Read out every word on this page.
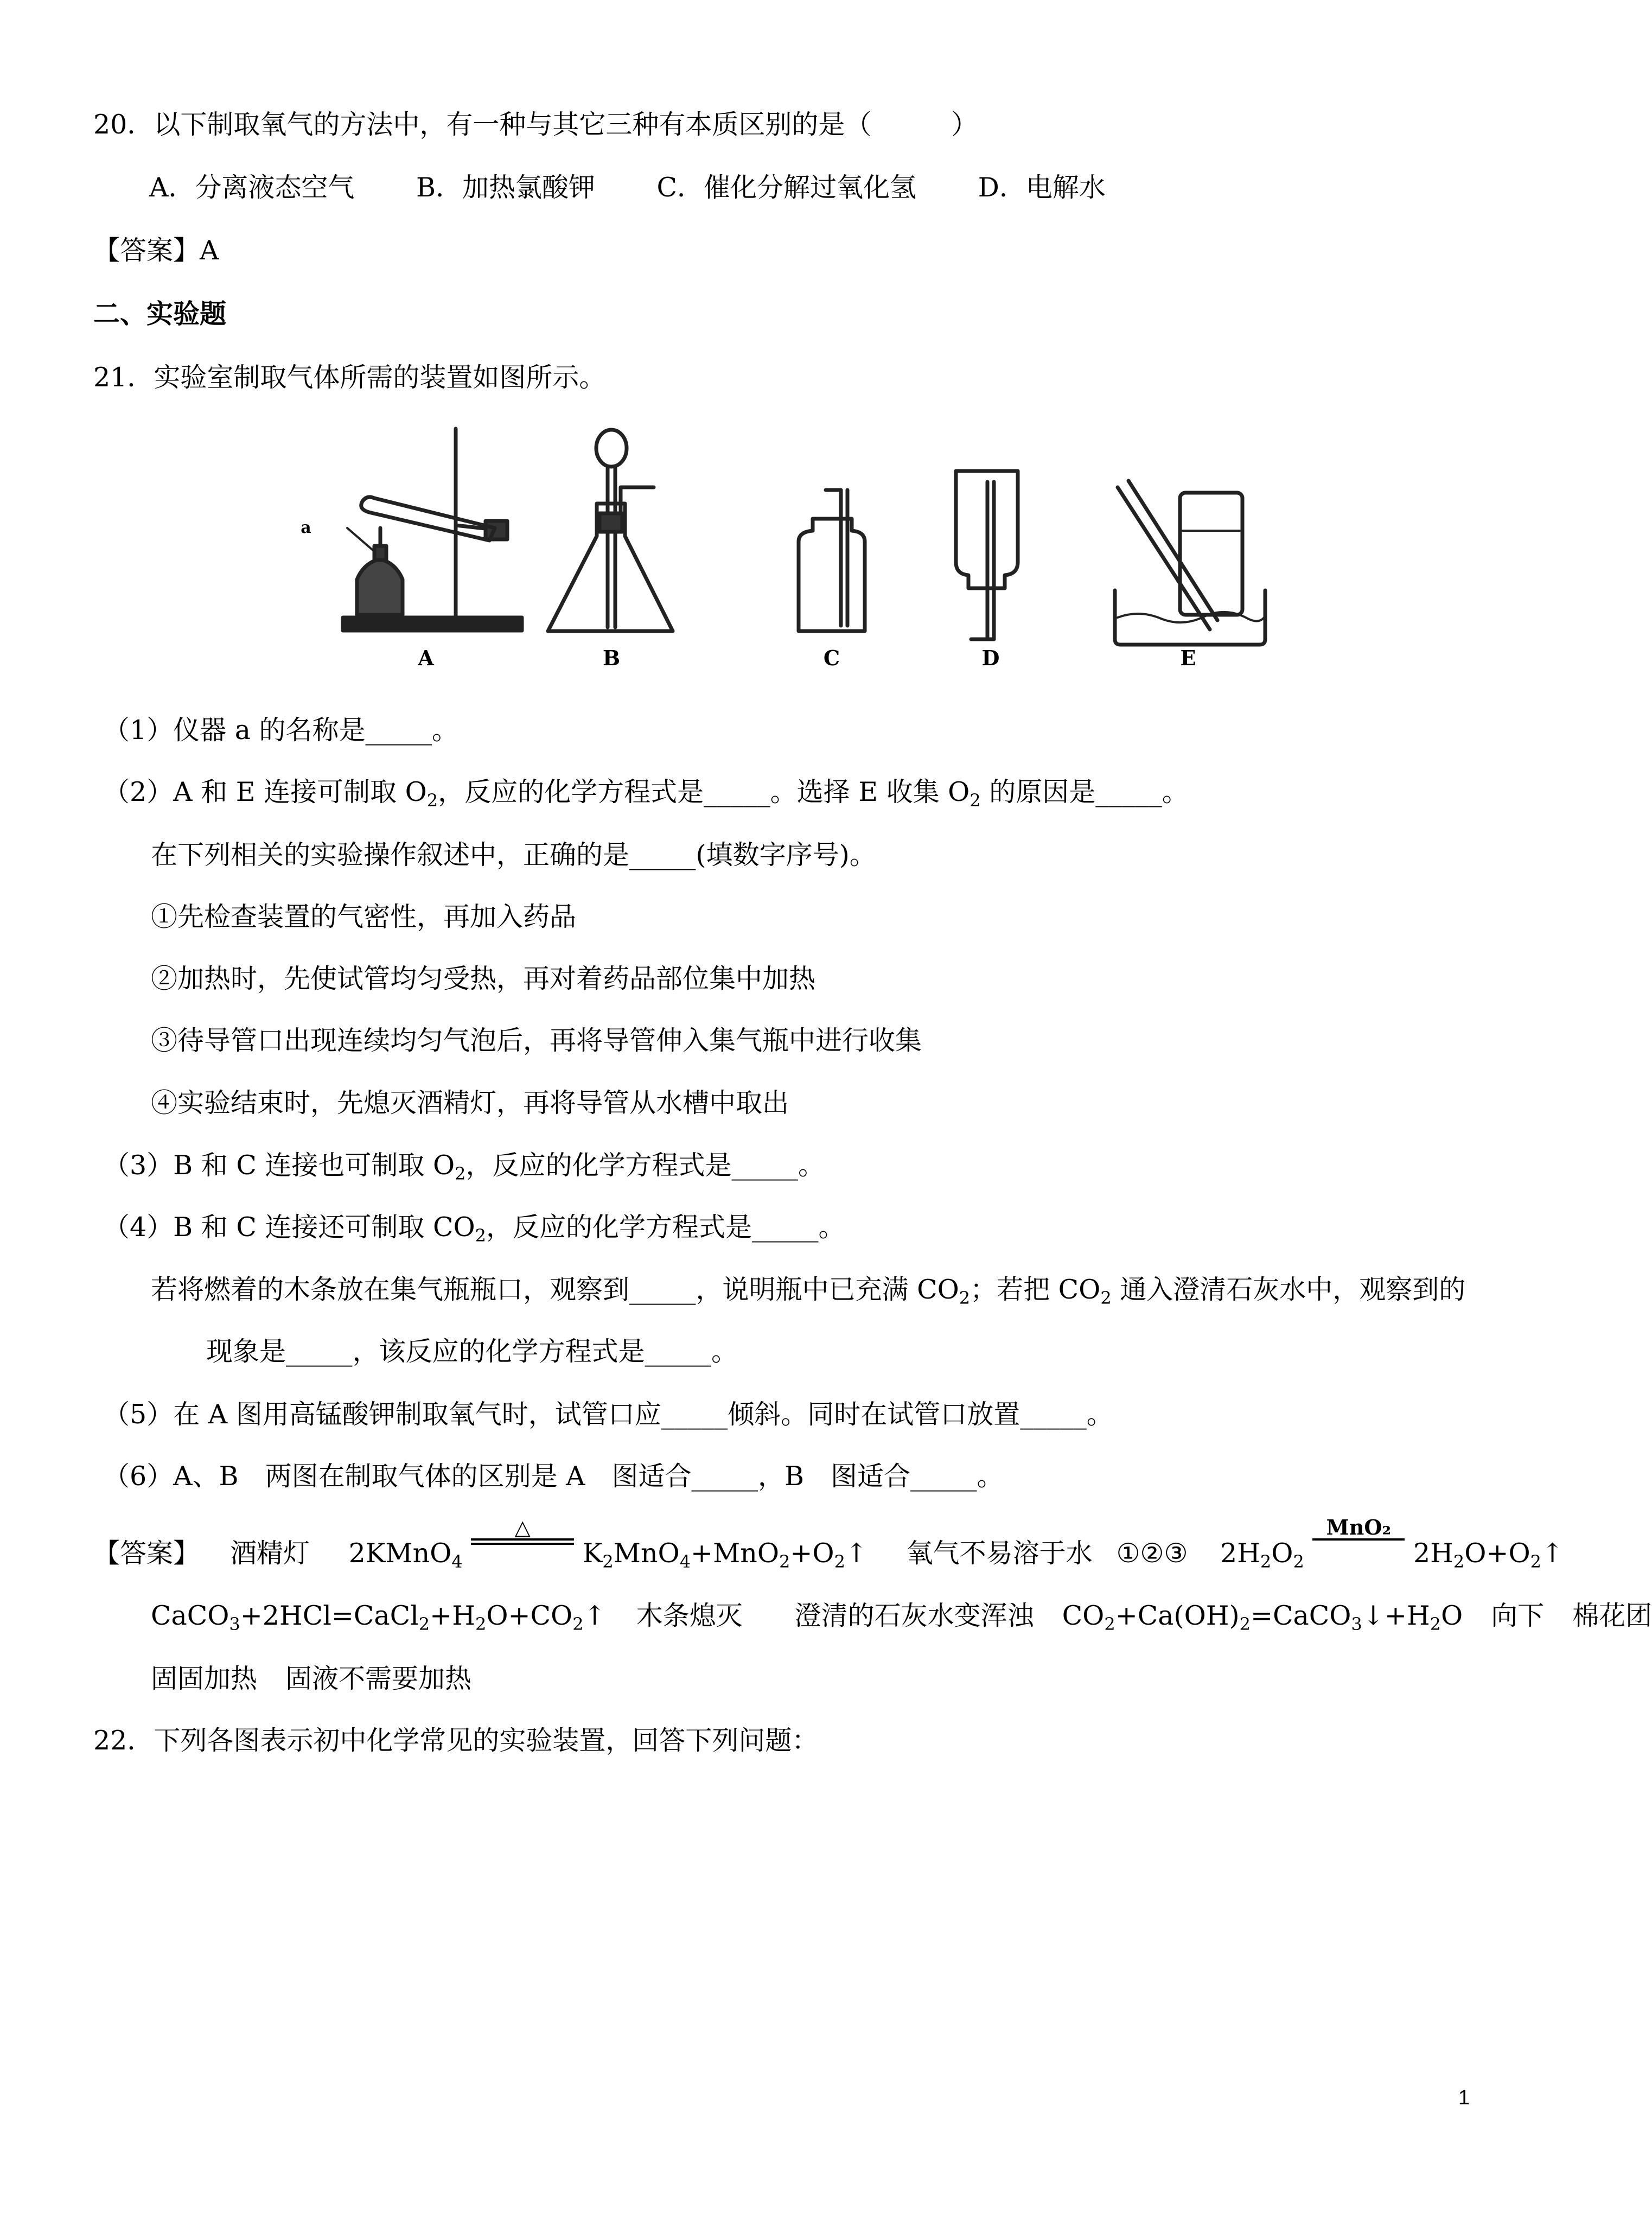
20．以下制取氧气的方法中，有一种与其它三种有本质区别的是（　　　）
A．分离液态空气　　 B．加热氯酸钾　　 C．催化分解过氧化氢　　 D．电解水
【答案】A
二、实验题
21．实验室制取气体所需的装置如图所示。
A	B	C	D	E
a
（1）仪器 a 的名称是_____。
（2）A 和 E 连接可制取 $O_2$，反应的化学方程式是_____。选择 E 收集 $O_2$ 的原因是_____。
在下列相关的实验操作叙述中，正确的是_____(填数字序号)。
①先检查装置的气密性，再加入药品
②加热时，先使试管均匀受热，再对着药品部位集中加热
③待导管口出现连续均匀气泡后，再将导管伸入集气瓶中进行收集
④实验结束时，先熄灭酒精灯，再将导管从水槽中取出
（3）B 和 C 连接也可制取 $O_2$，反应的化学方程式是_____。
（4）B 和 C 连接还可制取 $CO_2$，反应的化学方程式是_____。
若将燃着的木条放在集气瓶瓶口，观察到_____，说明瓶中已充满 $CO_2$；若把 $CO_2$ 通入澄清石灰水中，观察到的
现象是_____，该反应的化学方程式是_____。
（5）在 A 图用高锰酸钾制取氧气时，试管口应_____倾斜。同时在试管口放置_____。
（6）A、B　两图在制取气体的区别是 A　图适合_____，B　图适合_____。
【答案】 酒精灯 2KMnO$_4$
△
$K_2MnO_4+MnO_2+O_2↑$ 氧气不易溶于水 ①②③ $2H_2O_2$
MnO₂
$2H_2O+O_2↑$
$CaCO_3+2HCl=CaCl_2+H_2O+CO_2↑$ 木条熄灭 澄清的石灰水变浑浊 $CO_2+Ca(OH)_2=CaCO_3↓+H_2O$ 向下 棉花团
固固加热 固液不需要加热
22．下列各图表示初中化学常见的实验装置，回答下列问题：
1
